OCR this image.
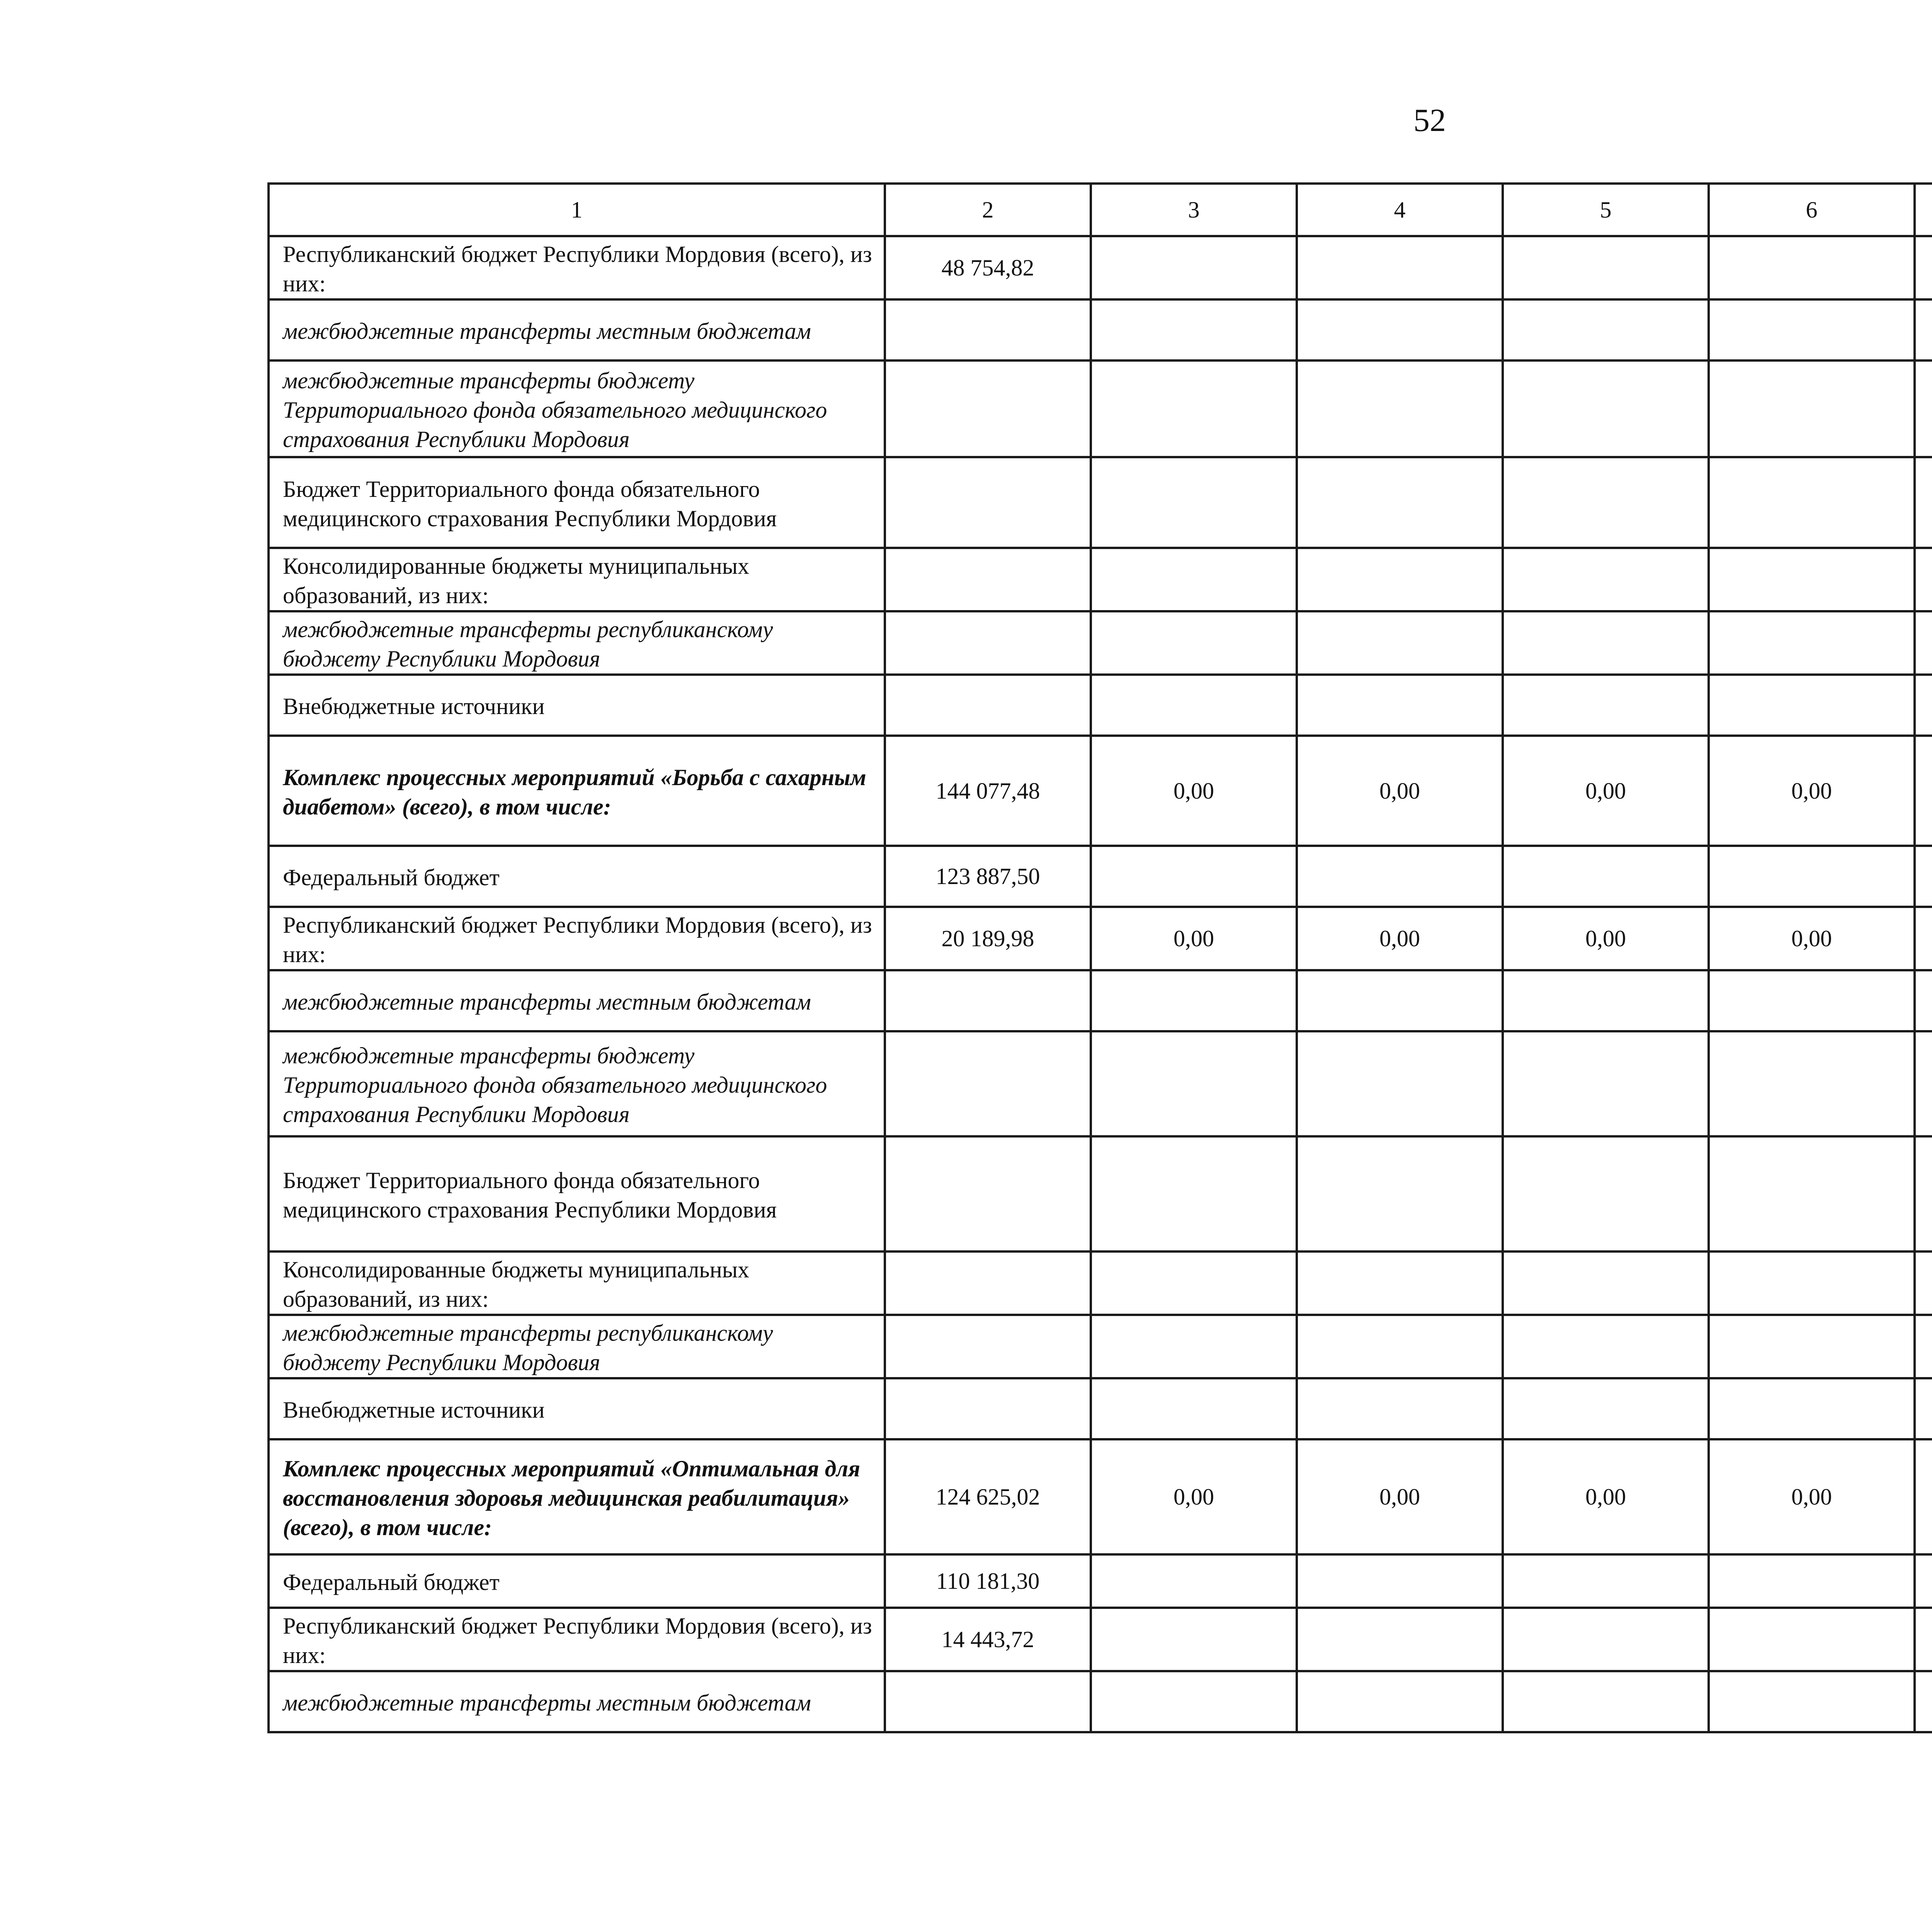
52
1	2	3	4	5	6			
Республиканский бюджет Республики Мордовия (всего), из них:	48 754,82							
межбюджетные трансферты местным бюджетам								
межбюджетные трансферты бюджету Территориального фонда обязательного медицинского страхования Республики Мордовия								
Бюджет Территориального фонда обязательного медицинского страхования Республики Мордовия								
Консолидированные бюджеты муниципальных образований, из них:								
межбюджетные трансферты республиканскому бюджету Республики Мордовия								
Внебюджетные источники								
Комплекс процессных мероприятий «Борьба с сахарным диабетом» (всего), в том числе:	144 077,48	0,00	0,00	0,00	0,00			
Федеральный бюджет	123 887,50							
Республиканский бюджет Республики Мордовия (всего), из них:	20 189,98	0,00	0,00	0,00	0,00			
межбюджетные трансферты местным бюджетам								
межбюджетные трансферты бюджету Территориального фонда обязательного медицинского страхования Республики Мордовия								
Бюджет Территориального фонда обязательного медицинского страхования Республики Мордовия								
Консолидированные бюджеты муниципальных образований, из них:								
межбюджетные трансферты республиканскому бюджету Республики Мордовия								
Внебюджетные источники								
Комплекс процессных мероприятий «Оптимальная для восстановления здоровья медицинская реабилитация» (всего), в том числе:	124 625,02	0,00	0,00	0,00	0,00			
Федеральный бюджет	110 181,30							
Республиканский бюджет Республики Мордовия (всего), из них:	14 443,72							
межбюджетные трансферты местным бюджетам								
